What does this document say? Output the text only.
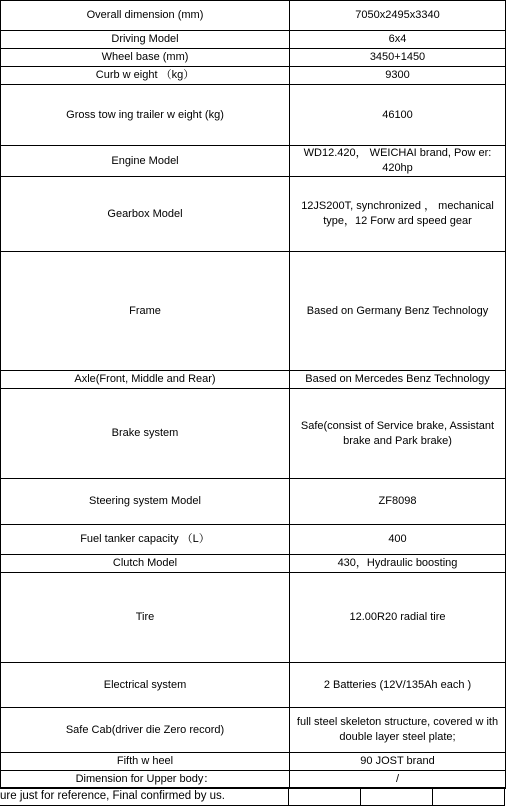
Overall dimension (mm)	7050x2495x3340
Driving Model	6x4
Wheel base (mm)	3450+1450
Curb w eight （kg）	9300
Gross tow ing trailer w eight (kg)	46100
Engine Model	WD12.420， WEICHAI brand, Pow er: 420hp
Gearbox Model	12JS200T, synchronized ， mechanical type，12 Forw ard speed gear
Frame	Based on Germany Benz Technology
Axle(Front, Middle and Rear)	Based on Mercedes Benz Technology
Brake system	Safe(consist of Service brake, Assistant brake and Park brake)
Steering system Model	ZF8098
Fuel tanker capacity （L）	400
Clutch Model	430，Hydraulic boosting
Tire	12.00R20 radial tire
Electrical system	2 Batteries (12V/135Ah each )
Safe Cab(driver die Zero record)	full steel skeleton structure, covered w ith double layer steel plate;
Fifth w heel	90 JOST brand
Dimension for Upper body：	/
ure just for reference, Final confirmed by us.
